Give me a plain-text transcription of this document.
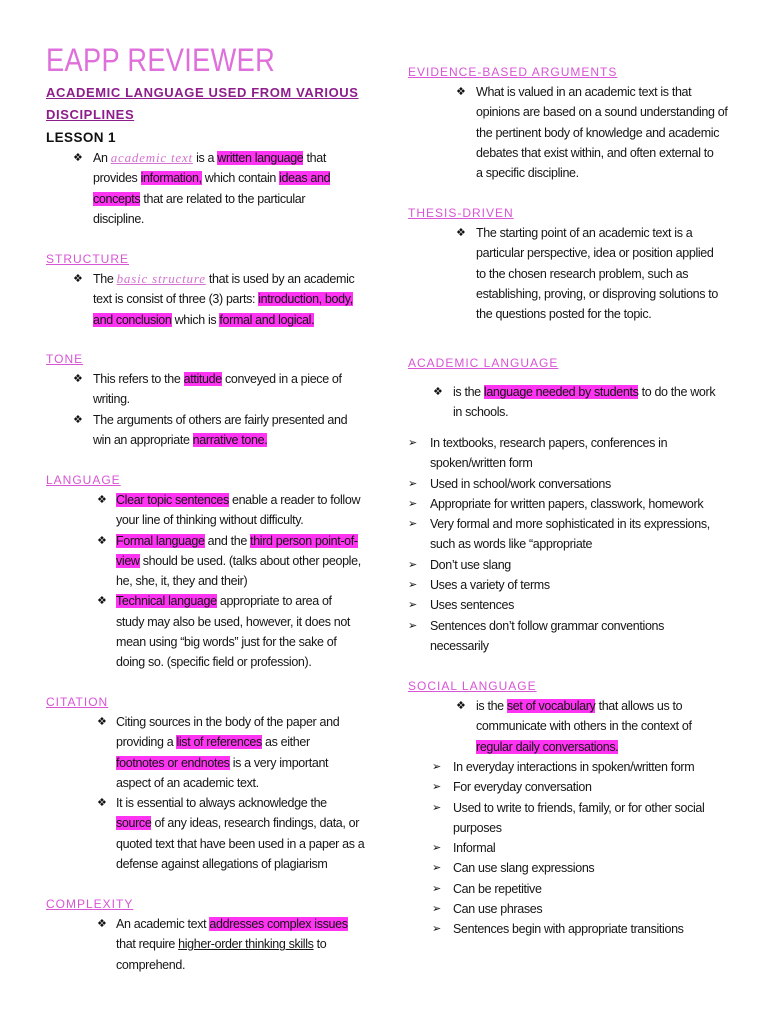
EAPP REVIEWER
ACADEMIC LANGUAGE USED FROM VARIOUS
DISCIPLINES
LESSON 1
❖
An academic text is a written language that
provides information, which contain ideas and
concepts that are related to the particular
discipline.
STRUCTURE
❖
The basic structure that is used by an academic
text is consist of three (3) parts: introduction, body,
and conclusion which is formal and logical.
TONE
❖
This refers to the attitude conveyed in a piece of
writing.
❖
The arguments of others are fairly presented and
win an appropriate narrative tone.
LANGUAGE
❖
Clear topic sentences enable a reader to follow
your line of thinking without difficulty.
❖
Formal language and the third person point-of-
view should be used. (talks about other people,
he, she, it, they and their)
❖
Technical language appropriate to area of
study may also be used, however, it does not
mean using “big words” just for the sake of
doing so. (specific field or profession).
CITATION
❖
Citing sources in the body of the paper and
providing a list of references as either
footnotes or endnotes is a very important
aspect of an academic text.
❖
It is essential to always acknowledge the
source of any ideas, research findings, data, or
quoted text that have been used in a paper as a
defense against allegations of plagiarism
COMPLEXITY
❖
An academic text addresses complex issues
that require higher-order thinking skills to
comprehend.
EVIDENCE-BASED ARGUMENTS
❖
What is valued in an academic text is that
opinions are based on a sound understanding of
the pertinent body of knowledge and academic
debates that exist within, and often external to
a specific discipline.
THESIS-DRIVEN
❖
The starting point of an academic text is a
particular perspective, idea or position applied
to the chosen research problem, such as
establishing, proving, or disproving solutions to
the questions posted for the topic.
ACADEMIC LANGUAGE
❖
is the language needed by students to do the work
in schools.
➢
In textbooks, research papers, conferences in
spoken/written form
➢
Used in school/work conversations
➢
Appropriate for written papers, classwork, homework
➢
Very formal and more sophisticated in its expressions,
such as words like “appropriate
➢
Don’t use slang
➢
Uses a variety of terms
➢
Uses sentences
➢
Sentences don’t follow grammar conventions
necessarily
SOCIAL LANGUAGE
❖
is the set of vocabulary that allows us to
communicate with others in the context of
regular daily conversations.
➢
In everyday interactions in spoken/written form
➢
For everyday conversation
➢
Used to write to friends, family, or for other social
purposes
➢
Informal
➢
Can use slang expressions
➢
Can be repetitive
➢
Can use phrases
➢
Sentences begin with appropriate transitions
